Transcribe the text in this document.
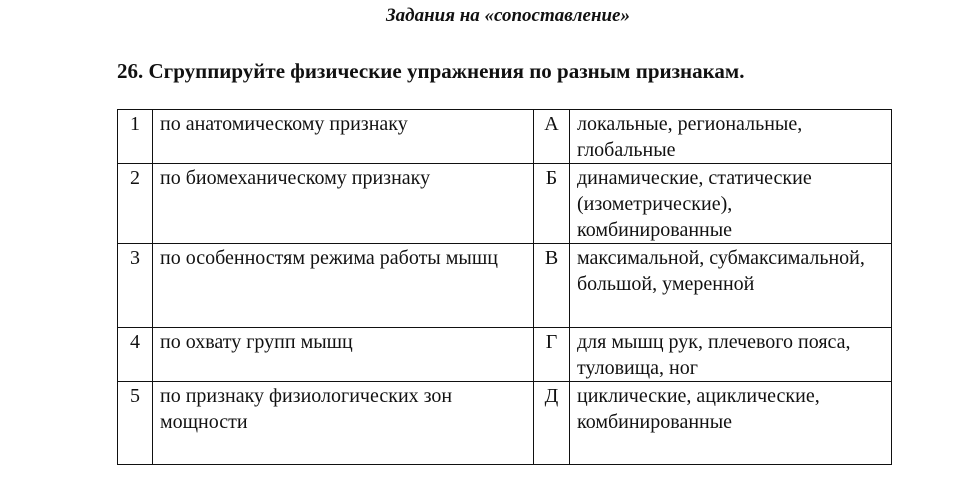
Задания на «сопоставление»
26. Сгруппируйте физические упражнения по разным признакам.
1	по анатомическому признаку	А	локальные, региональные, глобальные
2	по биомеханическому признаку	Б	динамические, статические (изометрические), комбинированные
3	по особенностям режима работы мышц	В	максимальной, субмаксимальной, большой, умеренной
4	по охвату групп мышц	Г	для мышц рук, плечевого пояса, туловища, ног
5	по признаку физиологических зон мощности	Д	циклические, ациклические, комбинированные
